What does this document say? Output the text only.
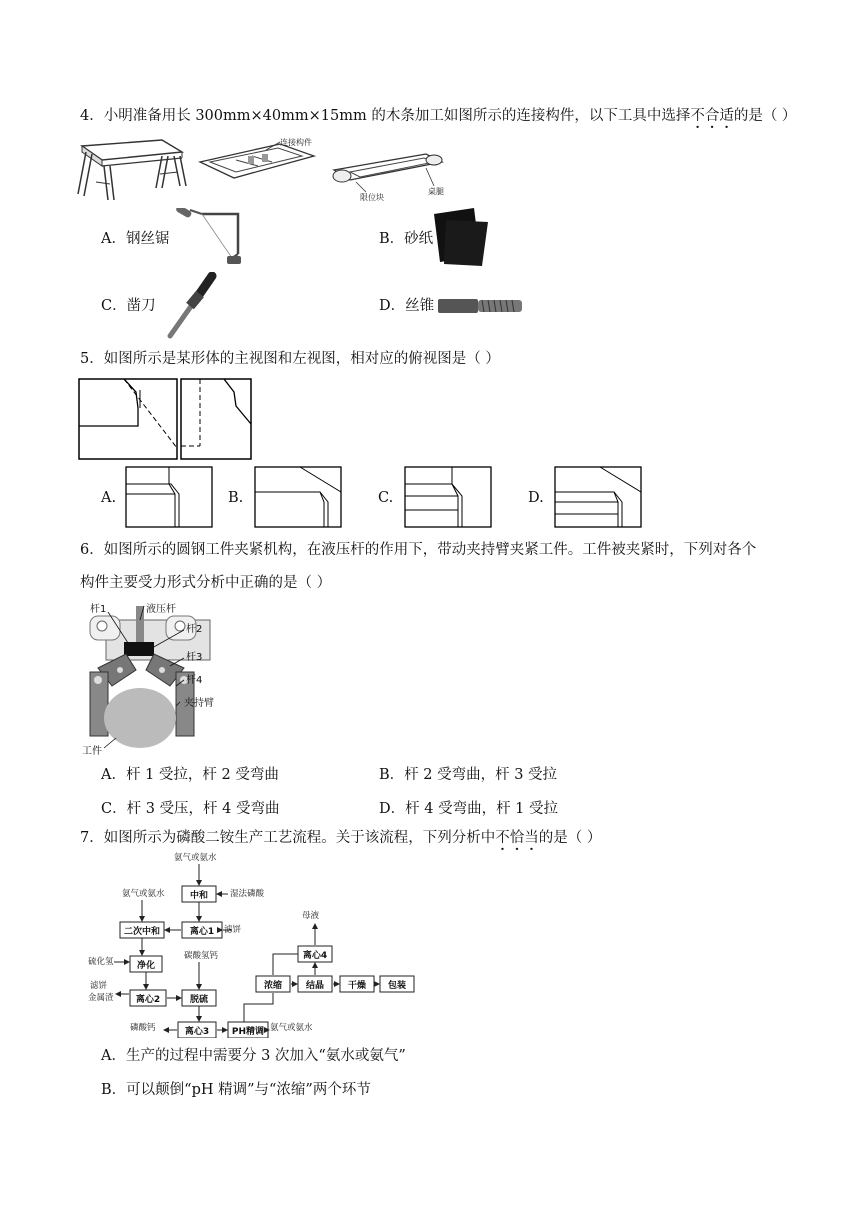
4．小明准备用长 300mm×40mm×15mm 的木条加工如图所示的连接构件，以下工具中选择不合适的是（ ）
连接构件
限位块
桌腿
A．钢丝锯	B．砂纸
C．凿刀	D．丝锥
5．如图所示是某形体的主视图和左视图，相对应的俯视图是（ ）
A.	B.	C.	D.
6．如图所示的圆钢工件夹紧机构，在液压杆的作用下，带动夹持臂夹紧工件。工件被夹紧时，下列对各个
构件主要受力形式分析中正确的是（ ）
杆1	液压杆
杆2
杆3
杆4
夹持臂
工件
A．杆 1 受拉，杆 2 受弯曲	B．杆 2 受弯曲，杆 3 受拉
C．杆 3 受压，杆 4 受弯曲	D．杆 4 受弯曲，杆 1 受拉
7．如图所示为磷酸二铵生产工艺流程。关于该流程，下列分析中不恰当的是（ ）
氨气或氨水
湿法磷酸
氨气或氨水
滤饼
硫化氢
碳酸氢钙
滤饼
金属渣
磷酸钙	氨气或氨水
母液
中和
二次中和	离心1
净化
离心2	脱硫
离心3	PH精调
浓缩	结晶	干燥 包装
离心4
A．生产的过程中需要分 3 次加入“氨水或氨气”
B．可以颠倒“pH 精调”与“浓缩”两个环节
